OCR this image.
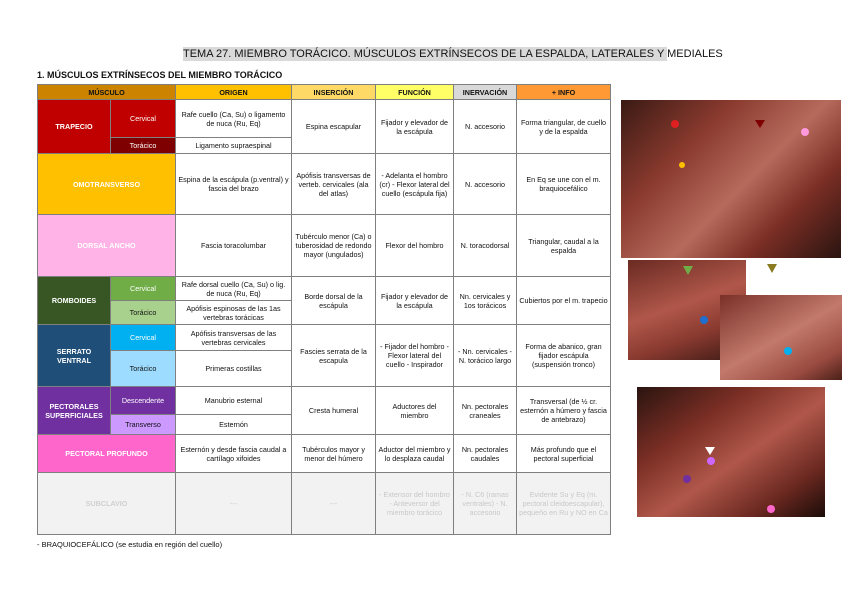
TEMA 27. MIEMBRO TORÁCICO. MÚSCULOS EXTRÍNSECOS DE LA ESPALDA, LATERALES Y MEDIALES
1. MÚSCULOS EXTRÍNSECOS DEL MIEMBRO TORÁCICO
MÚSCULO		ORIGEN	INSERCIÓN	FUNCIÓN	INERVACIÓN	+ INFO
TRAPECIO	Cervical	Rafe cuello (Ca, Su) o ligamento de nuca (Ru, Eq)	Espina escapular	Fijador y elevador de la escápula	N. accesorio	Forma triangular, de cuello y de la espalda
	Torácico	Ligamento supraespinal				
OMOTRANSVERSO		Espina de la escápula (p.ventral) y fascia del brazo	Apófisis transversas de verteb. cervicales (ala del atlas)	- Adelanta el hombro (cr) - Flexor lateral del cuello (escápula fija)	N. accesorio	En Eq se une con el m. braquiocefálico
DORSAL ANCHO		Fascia toracolumbar	Tubérculo menor (Ca) o tuberosidad de redondo mayor (ungulados)	Flexor del hombro	N. toracodorsal	Triangular, caudal a la espalda
ROMBOIDES	Cervical	Rafe dorsal cuello (Ca, Su) o lig. de nuca (Ru, Eq)	Borde dorsal de la escápula	Fijador y elevador de la escápula	Nn. cervicales y 1os torácicos	Cubiertos por el m. trapecio
	Torácico	Apófisis espinosas de las 1as vertebras torácicas				
SERRATO VENTRAL	Cervical	Apófisis transversas de las vertebras cervicales	Fascies serrata de la escapula	- Fijador del hombro - Flexor lateral del cuello - Inspirador	- Nn. cervicales - N. torácico largo	Forma de abanico, gran fijador escápula (suspensión tronco)
	Torácico	Primeras costillas				
PECTORALES SUPERFICIALES	Descendente	Manubrio esternal	Cresta humeral	Aductores del miembro	Nn. pectorales craneales	Transversal (de ½ cr. esternón a húmero y fascia de antebrazo)
	Transverso	Esternón				
PECTORAL PROFUNDO		Esternón y desde fascia caudal a cartílago xifoides	Tubérculos mayor y menor del húmero	Aductor del miembro y lo desplaza caudal	Nn. pectorales caudales	Más profundo que el pectoral superficial
SUBCLAVIO		---	---	- Extensor del hombro - Anteversor del miembro torácico	- N. C6 (ramas ventrales) - N. accesorio	Evidente Su y Eq (m. pectoral cleidoescapular), pequeño en Ru y NO en Ca
- BRAQUIOCEFÁLICO (se estudia en región del cuello)
